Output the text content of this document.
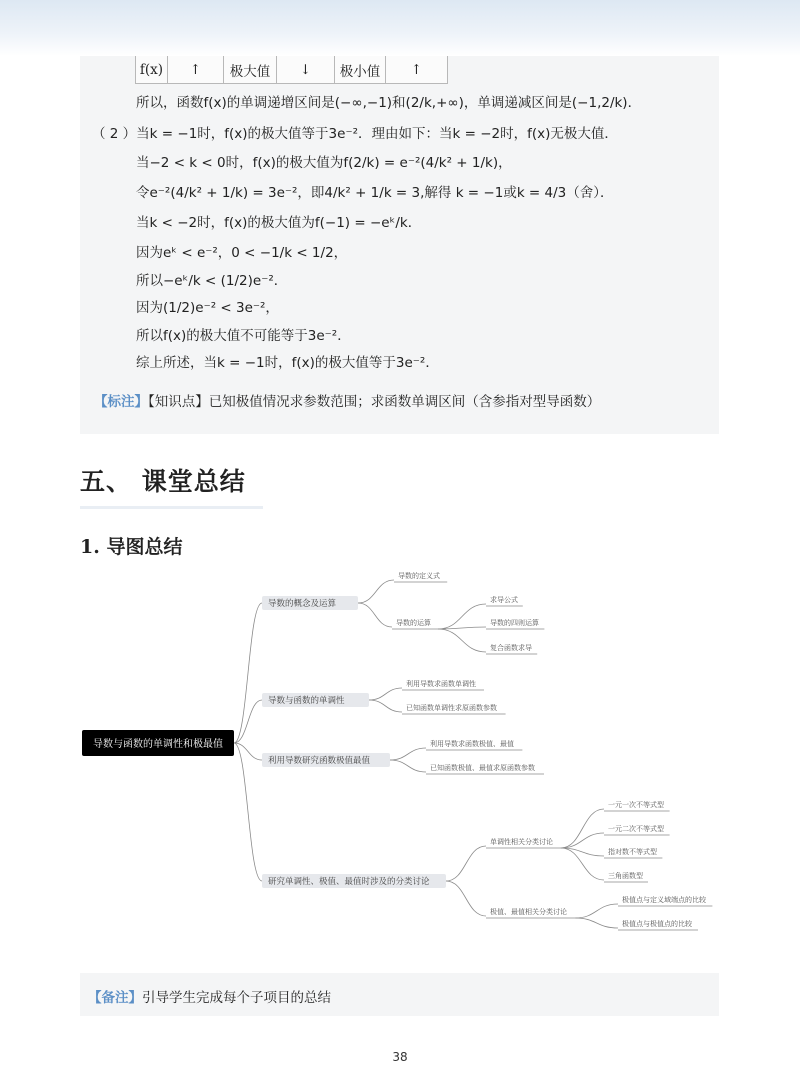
f(x)	↑	极大值	↓	极小值	↑
所以，函数f(x)的单调递增区间是(−∞,−1)和(2/k,+∞)，单调递减区间是(−1,2/k)．
（ 2 ）当k = −1时，f(x)的极大值等于3e⁻²．理由如下：当k = −2时，f(x)无极大值．
当−2 < k < 0时，f(x)的极大值为f(2/k) = e⁻²(4/k² + 1/k)，
令e⁻²(4/k² + 1/k) = 3e⁻²，即4/k² + 1/k = 3,解得 k = −1或k = 4/3（舍）．
当k < −2时，f(x)的极大值为f(−1) = −eᵏ/k．
因为eᵏ < e⁻²，0 < −1/k < 1/2，
所以−eᵏ/k < (1/2)e⁻²．
因为(1/2)e⁻² < 3e⁻²，
所以f(x)的极大值不可能等于3e⁻²．
综上所述，当k = −1时，f(x)的极大值等于3e⁻²．
【标注】【知识点】已知极值情况求参数范围；求函数单调区间（含参指对型导函数）
五、 课堂总结
1. 导图总结
导数与函数的单调性和极最值
导数的概念及运算
导数的定义式
导数的运算
求导公式
导数的四则运算
复合函数求导
导数与函数的单调性
利用导数求函数单调性
已知函数单调性求原函数参数
利用导数研究函数极值最值
利用导数求函数极值、最值
已知函数极值、最值求原函数参数
研究单调性、极值、最值时涉及的分类讨论
单调性相关分类讨论
一元一次不等式型
一元二次不等式型
指对数不等式型
三角函数型
极值、最值相关分类讨论
极值点与定义域端点的比较
极值点与极值点的比较
【备注】引导学生完成每个子项目的总结
38
